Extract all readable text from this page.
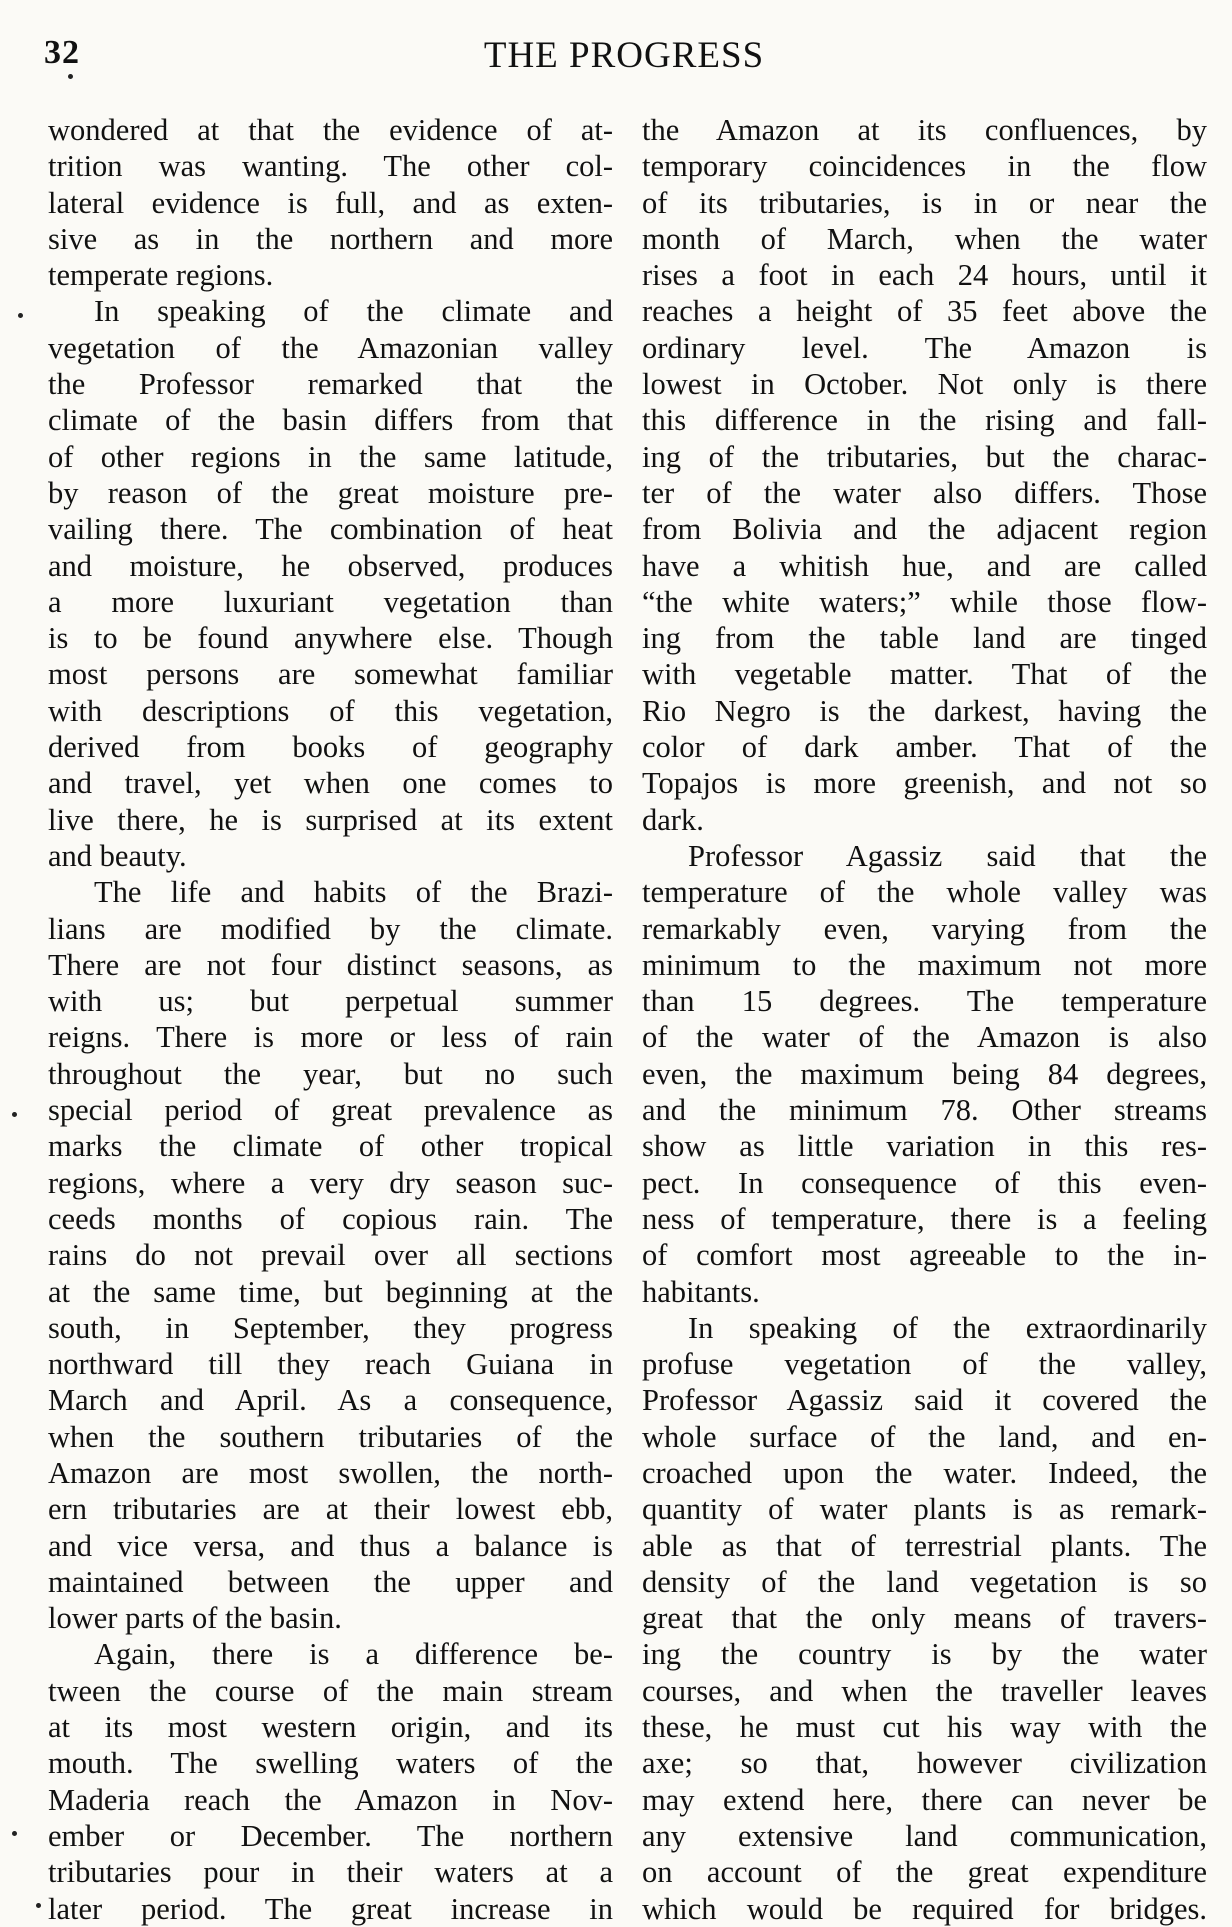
32	THE PROGRESS
wondered at that the evidence of at-
trition was wanting. The other col-
lateral evidence is full, and as exten-
sive as in the northern and more
temperate regions.
In speaking of the climate and
vegetation of the Amazonian valley
the Professor remarked that the
climate of the basin differs from that
of other regions in the same latitude,
by reason of the great moisture pre-
vailing there. The combination of heat
and moisture, he observed, produces
a more luxuriant vegetation than
is to be found anywhere else. Though
most persons are somewhat familiar
with descriptions of this vegetation,
derived from books of geography
and travel, yet when one comes to
live there, he is surprised at its extent
and beauty.
The life and habits of the Brazi-
lians are modified by the climate.
There are not four distinct seasons, as
with us; but perpetual summer
reigns. There is more or less of rain
throughout the year, but no such
special period of great prevalence as
marks the climate of other tropical
regions, where a very dry season suc-
ceeds months of copious rain. The
rains do not prevail over all sections
at the same time, but beginning at the
south, in September, they progress
northward till they reach Guiana in
March and April. As a consequence,
when the southern tributaries of the
Amazon are most swollen, the north-
ern tributaries are at their lowest ebb,
and vice versa, and thus a balance is
maintained between the upper and
lower parts of the basin.
Again, there is a difference be-
tween the course of the main stream
at its most western origin, and its
mouth. The swelling waters of the
Maderia reach the Amazon in Nov-
ember or December. The northern
tributaries pour in their waters at a
later period. The great increase in
the Amazon at its confluences, by
temporary coincidences in the flow
of its tributaries, is in or near the
month of March, when the water
rises a foot in each 24 hours, until it
reaches a height of 35 feet above the
ordinary level. The Amazon is
lowest in October. Not only is there
this difference in the rising and fall-
ing of the tributaries, but the charac-
ter of the water also differs. Those
from Bolivia and the adjacent region
have a whitish hue, and are called
“the white waters;” while those flow-
ing from the table land are tinged
with vegetable matter. That of the
Rio Negro is the darkest, having the
color of dark amber. That of the
Topajos is more greenish, and not so
dark.
Professor Agassiz said that the
temperature of the whole valley was
remarkably even, varying from the
minimum to the maximum not more
than 15 degrees. The temperature
of the water of the Amazon is also
even, the maximum being 84 degrees,
and the minimum 78. Other streams
show as little variation in this res-
pect. In consequence of this even-
ness of temperature, there is a feeling
of comfort most agreeable to the in-
habitants.
In speaking of the extraordinarily
profuse vegetation of the valley,
Professor Agassiz said it covered the
whole surface of the land, and en-
croached upon the water. Indeed, the
quantity of water plants is as remark-
able as that of terrestrial plants. The
density of the land vegetation is so
great that the only means of travers-
ing the country is by the water
courses, and when the traveller leaves
these, he must cut his way with the
axe; so that, however civilization
may extend here, there can never be
any extensive land communication,
on account of the great expenditure
which would be required for bridges.
